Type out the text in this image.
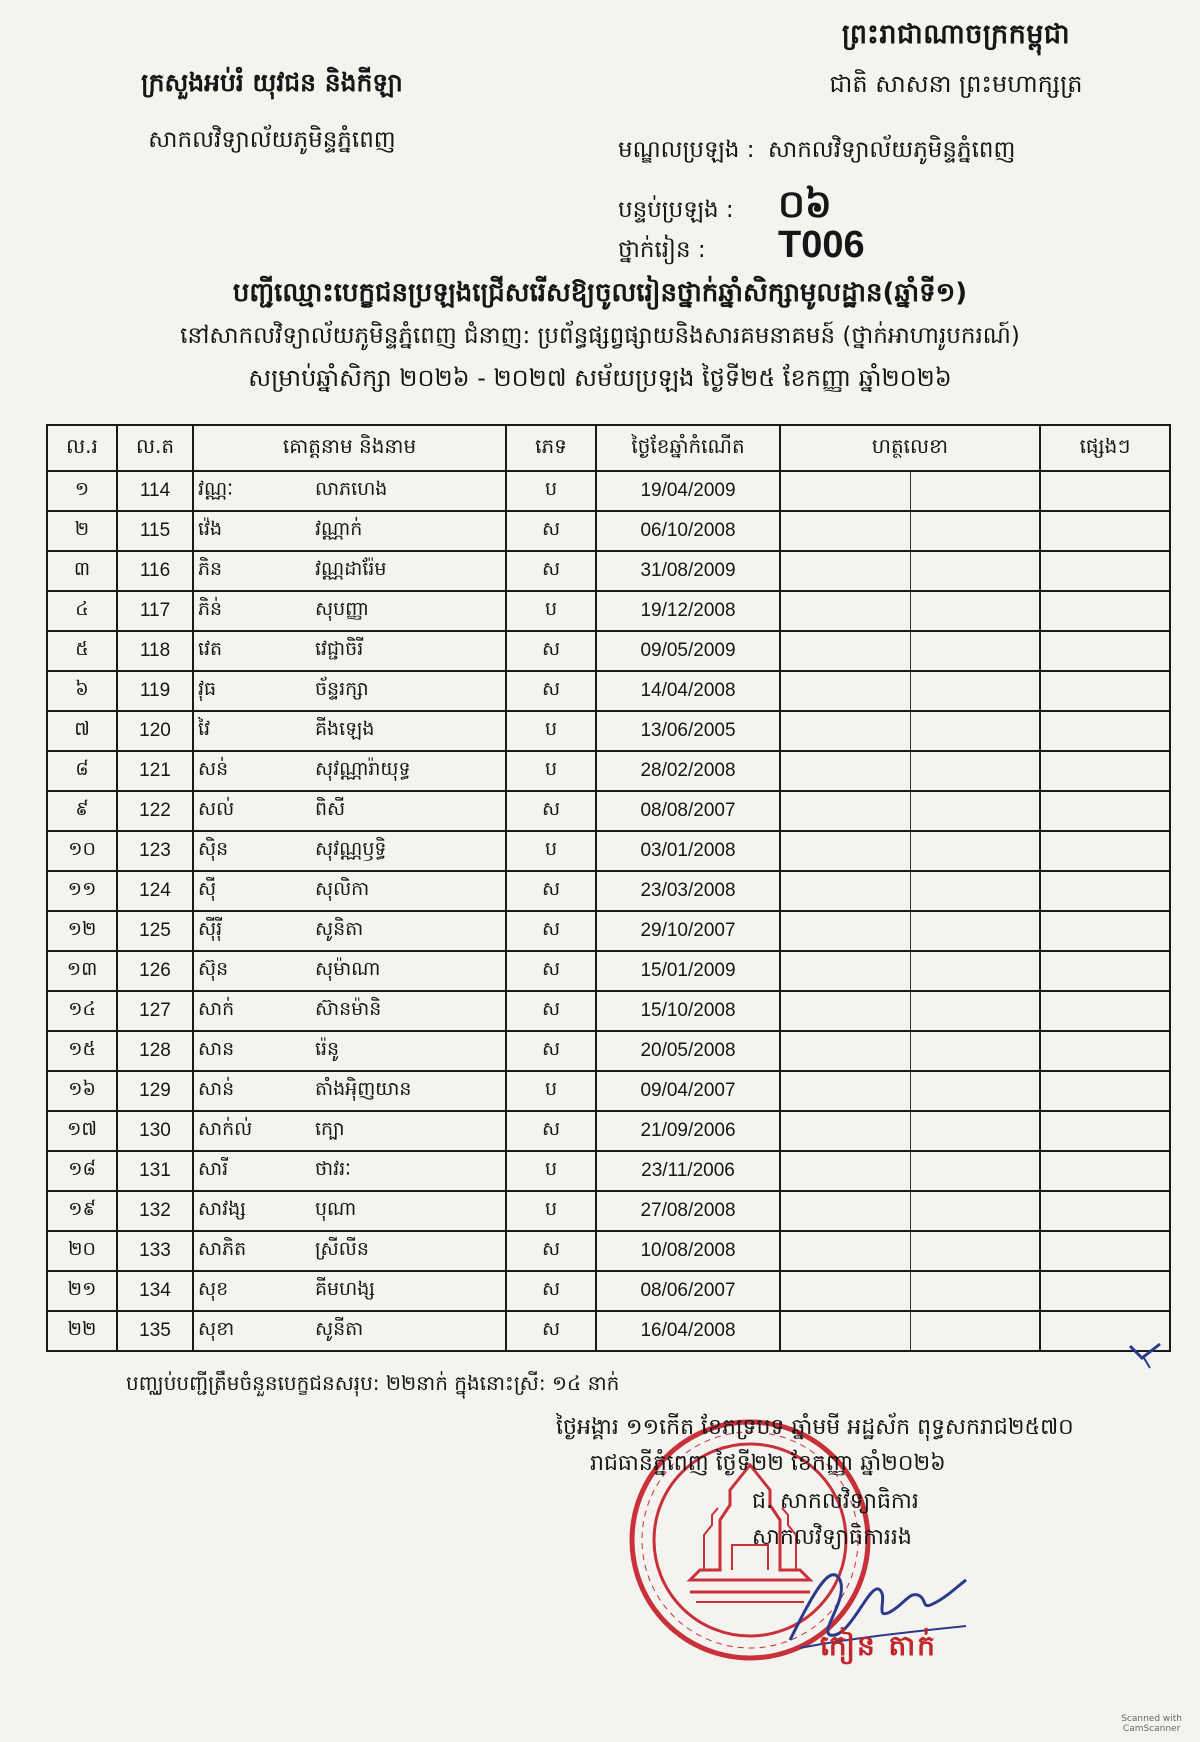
ព្រះរាជាណាចក្រកម្ពុជា
ជាតិ សាសនា ព្រះមហាក្សត្រ
ក្រសួងអប់រំ យុវជន និងកីឡា
សាកលវិទ្យាល័យភូមិន្ទភ្នំពេញ	មណ្ឌលប្រឡង : សាកលវិទ្យាល័យភូមិន្ទភ្នំពេញ
បន្ទប់ប្រឡង :	០៦
ថ្នាក់រៀន :	T006
បញ្ជីឈ្មោះបេក្ខជនប្រឡងជ្រើសរើសឱ្យចូលរៀនថ្នាក់ឆ្នាំសិក្សាមូលដ្ឋាន(ឆ្នាំទី១)
នៅសាកលវិទ្យាល័យភូមិន្ទភ្នំពេញ ជំនាញ: ប្រព័ន្ធផ្សព្វផ្សាយនិងសារគមនាគមន៍ (ថ្នាក់អាហារូបករណ៍)
សម្រាប់ឆ្នាំសិក្សា ២០២៦ - ២០២៧ សម័យប្រឡង ថ្ងៃទី២៥ ខែកញ្ញា ឆ្នាំ២០២៦
ល.រ	ល.ត	គោត្តនាម និងនាម		ភេទ	ថ្ងៃខែឆ្នាំកំណើត	ហត្ថលេខា		ផ្សេងៗ
១	114	វណ្ណៈ	លាភហេង	ប	19/04/2009			
២	115	វ៉េង	វណ្ណាក់	ស	06/10/2008			
៣	116	ភិន	វណ្ណដារ៉ែម	ស	31/08/2009			
៤	117	ភិន់	សុបញ្ញា	ប	19/12/2008			
៥	118	វេត	វេជ្ជាចិរី	ស	09/05/2009			
៦	119	វុធ	ច័ន្ទរក្សា	ស	14/04/2008			
៧	120	វៃ	គីងឡេង	ប	13/06/2005			
៨	121	សន់	សុវណ្ណារ៉ាយុទ្ធ	ប	28/02/2008			
៩	122	សល់	ពិសី	ស	08/08/2007			
១០	123	ស៊ិន	សុវណ្ណឫទ្ធិ	ប	03/01/2008			
១១	124	ស៊ី	សុលិកា	ស	23/03/2008			
១២	125	ស៊ីរ៉ី	សូនិតា	ស	29/10/2007			
១៣	126	ស៊ុន	សុម៉ាណា	ស	15/01/2009			
១៤	127	សាក់	ស៊ានម៉ានិ	ស	15/10/2008			
១៥	128	សាន	រ៉េនូ	ស	20/05/2008			
១៦	129	សាន់	តាំងអុិញយាន	ប	09/04/2007			
១៧	130	សាក់ល់	ក្បោ	ស	21/09/2006			
១៨	131	សារី	ថាវរៈ	ប	23/11/2006			
១៩	132	សាវង្ស	បុណា	ប	27/08/2008			
២០	133	សាភិត	ស្រីលីន	ស	10/08/2008			
២១	134	សុខ	គីមហង្ស	ស	08/06/2007			
២២	135	សុខា	សូនីតា	ស	16/04/2008			
បញ្ឈប់បញ្ជីត្រឹមចំនួនបេក្ខជនសរុប: ២២នាក់ ក្នុងនោះស្រី: ១៤ នាក់
ថ្ងៃអង្គារ ១១កើត ខែភទ្របទ ឆ្នាំមមី អដ្ឋស័ក ពុទ្ធសករាជ២៥៧០
រាជធានីភ្នំពេញ ថ្ងៃទី២២ ខែកញ្ញា ឆ្នាំ២០២៦
ជ. សាកលវិទ្យាធិការ
សាកលវិទ្យាធិការរង
កៀន តាក់
Scanned with
CamScanner
